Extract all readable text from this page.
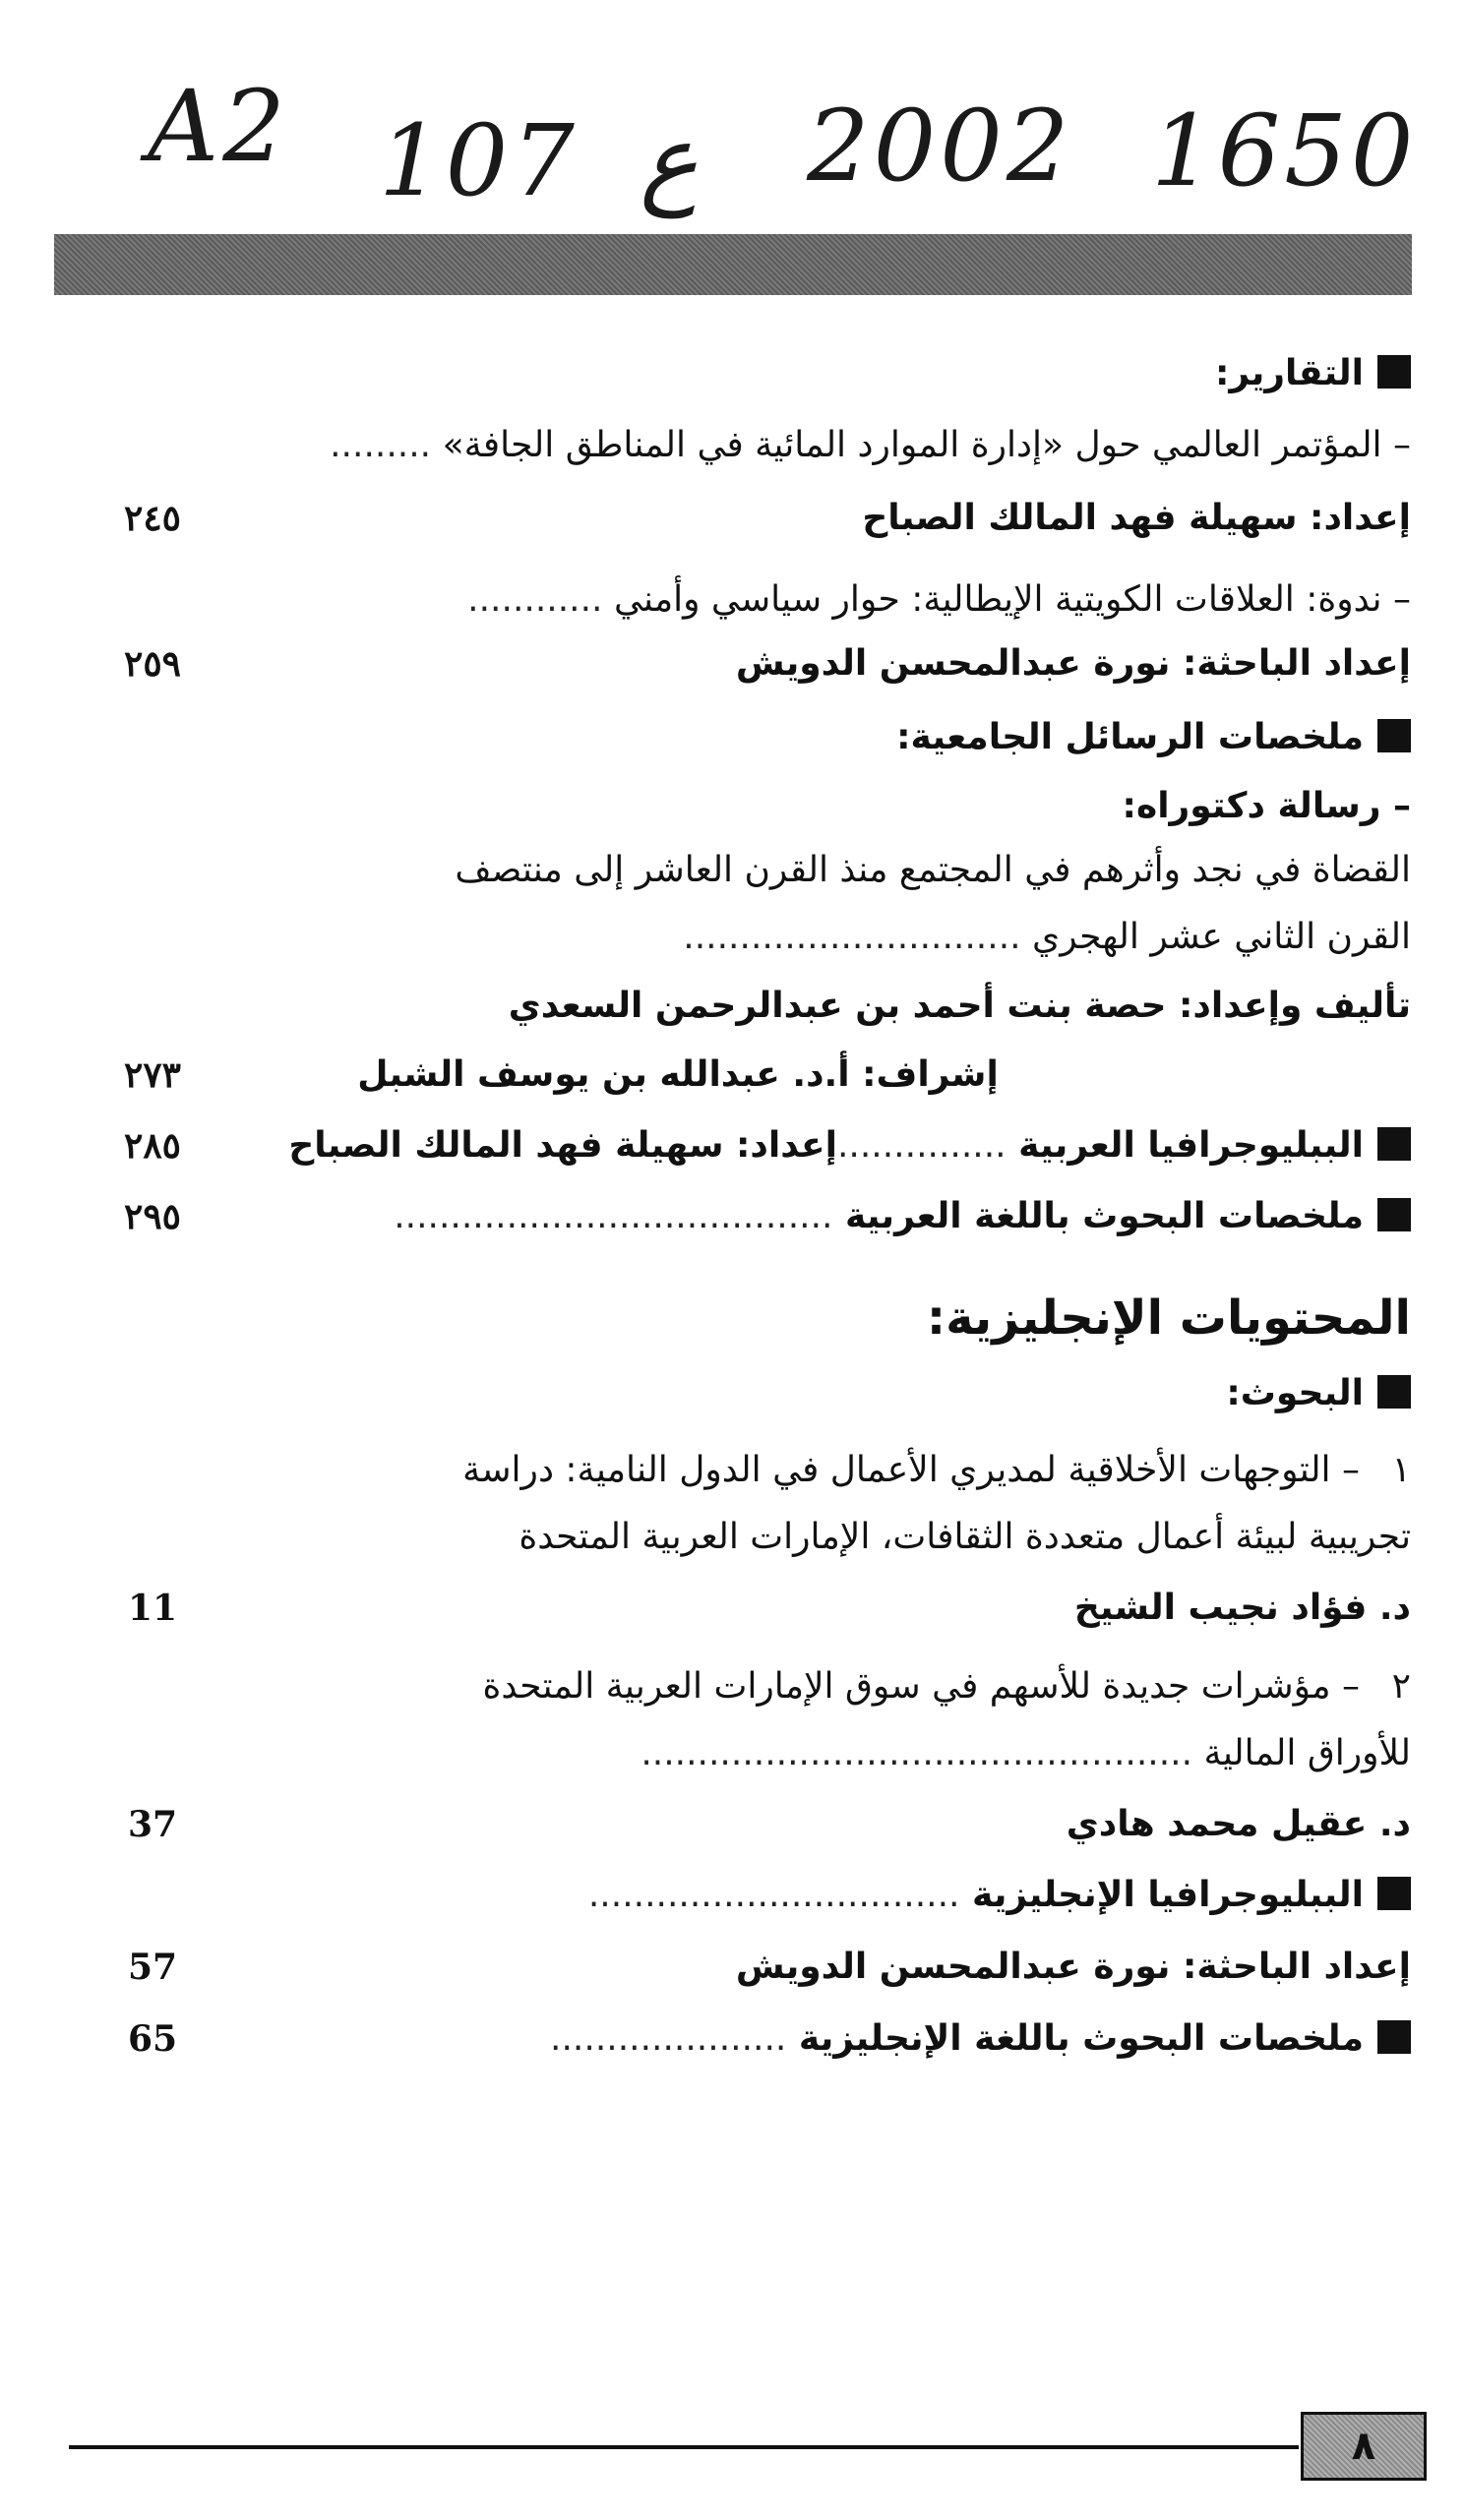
A2 107 ع 2002 1650
التقارير:
– المؤتمر العالمي حول «إدارة الموارد المائية في المناطق الجافة» .........
إعداد: سهيلة فهد المالك الصباح
٢٤٥
– ندوة: العلاقات الكويتية الإيطالية: حوار سياسي وأمني ............
إعداد الباحثة: نورة عبدالمحسن الدويش
٢٥٩
ملخصات الرسائل الجامعية:
– رسالة دكتوراه:
القضاة في نجد وأثرهم في المجتمع منذ القرن العاشر إلى منتصف
القرن الثاني عشر الهجري ..............................
تأليف وإعداد: حصة بنت أحمد بن عبدالرحمن السعدي
إشراف: أ.د. عبدالله بن يوسف الشبل
٢٧٣
الببليوجرافيا العربية ...............إعداد: سهيلة فهد المالك الصباح
٢٨٥
ملخصات البحوث باللغة العربية .......................................
٢٩٥
المحتويات الإنجليزية:
البحوث:
١– التوجهات الأخلاقية لمديري الأعمال في الدول النامية: دراسة
تجريبية لبيئة أعمال متعددة الثقافات، الإمارات العربية المتحدة
د. فؤاد نجيب الشيخ
11
٢– مؤشرات جديدة للأسهم في سوق الإمارات العربية المتحدة
للأوراق المالية .................................................
د. عقيل محمد هادي
37
الببليوجرافيا الإنجليزية .................................
إعداد الباحثة: نورة عبدالمحسن الدويش
57
ملخصات البحوث باللغة الإنجليزية .....................
65
٨
